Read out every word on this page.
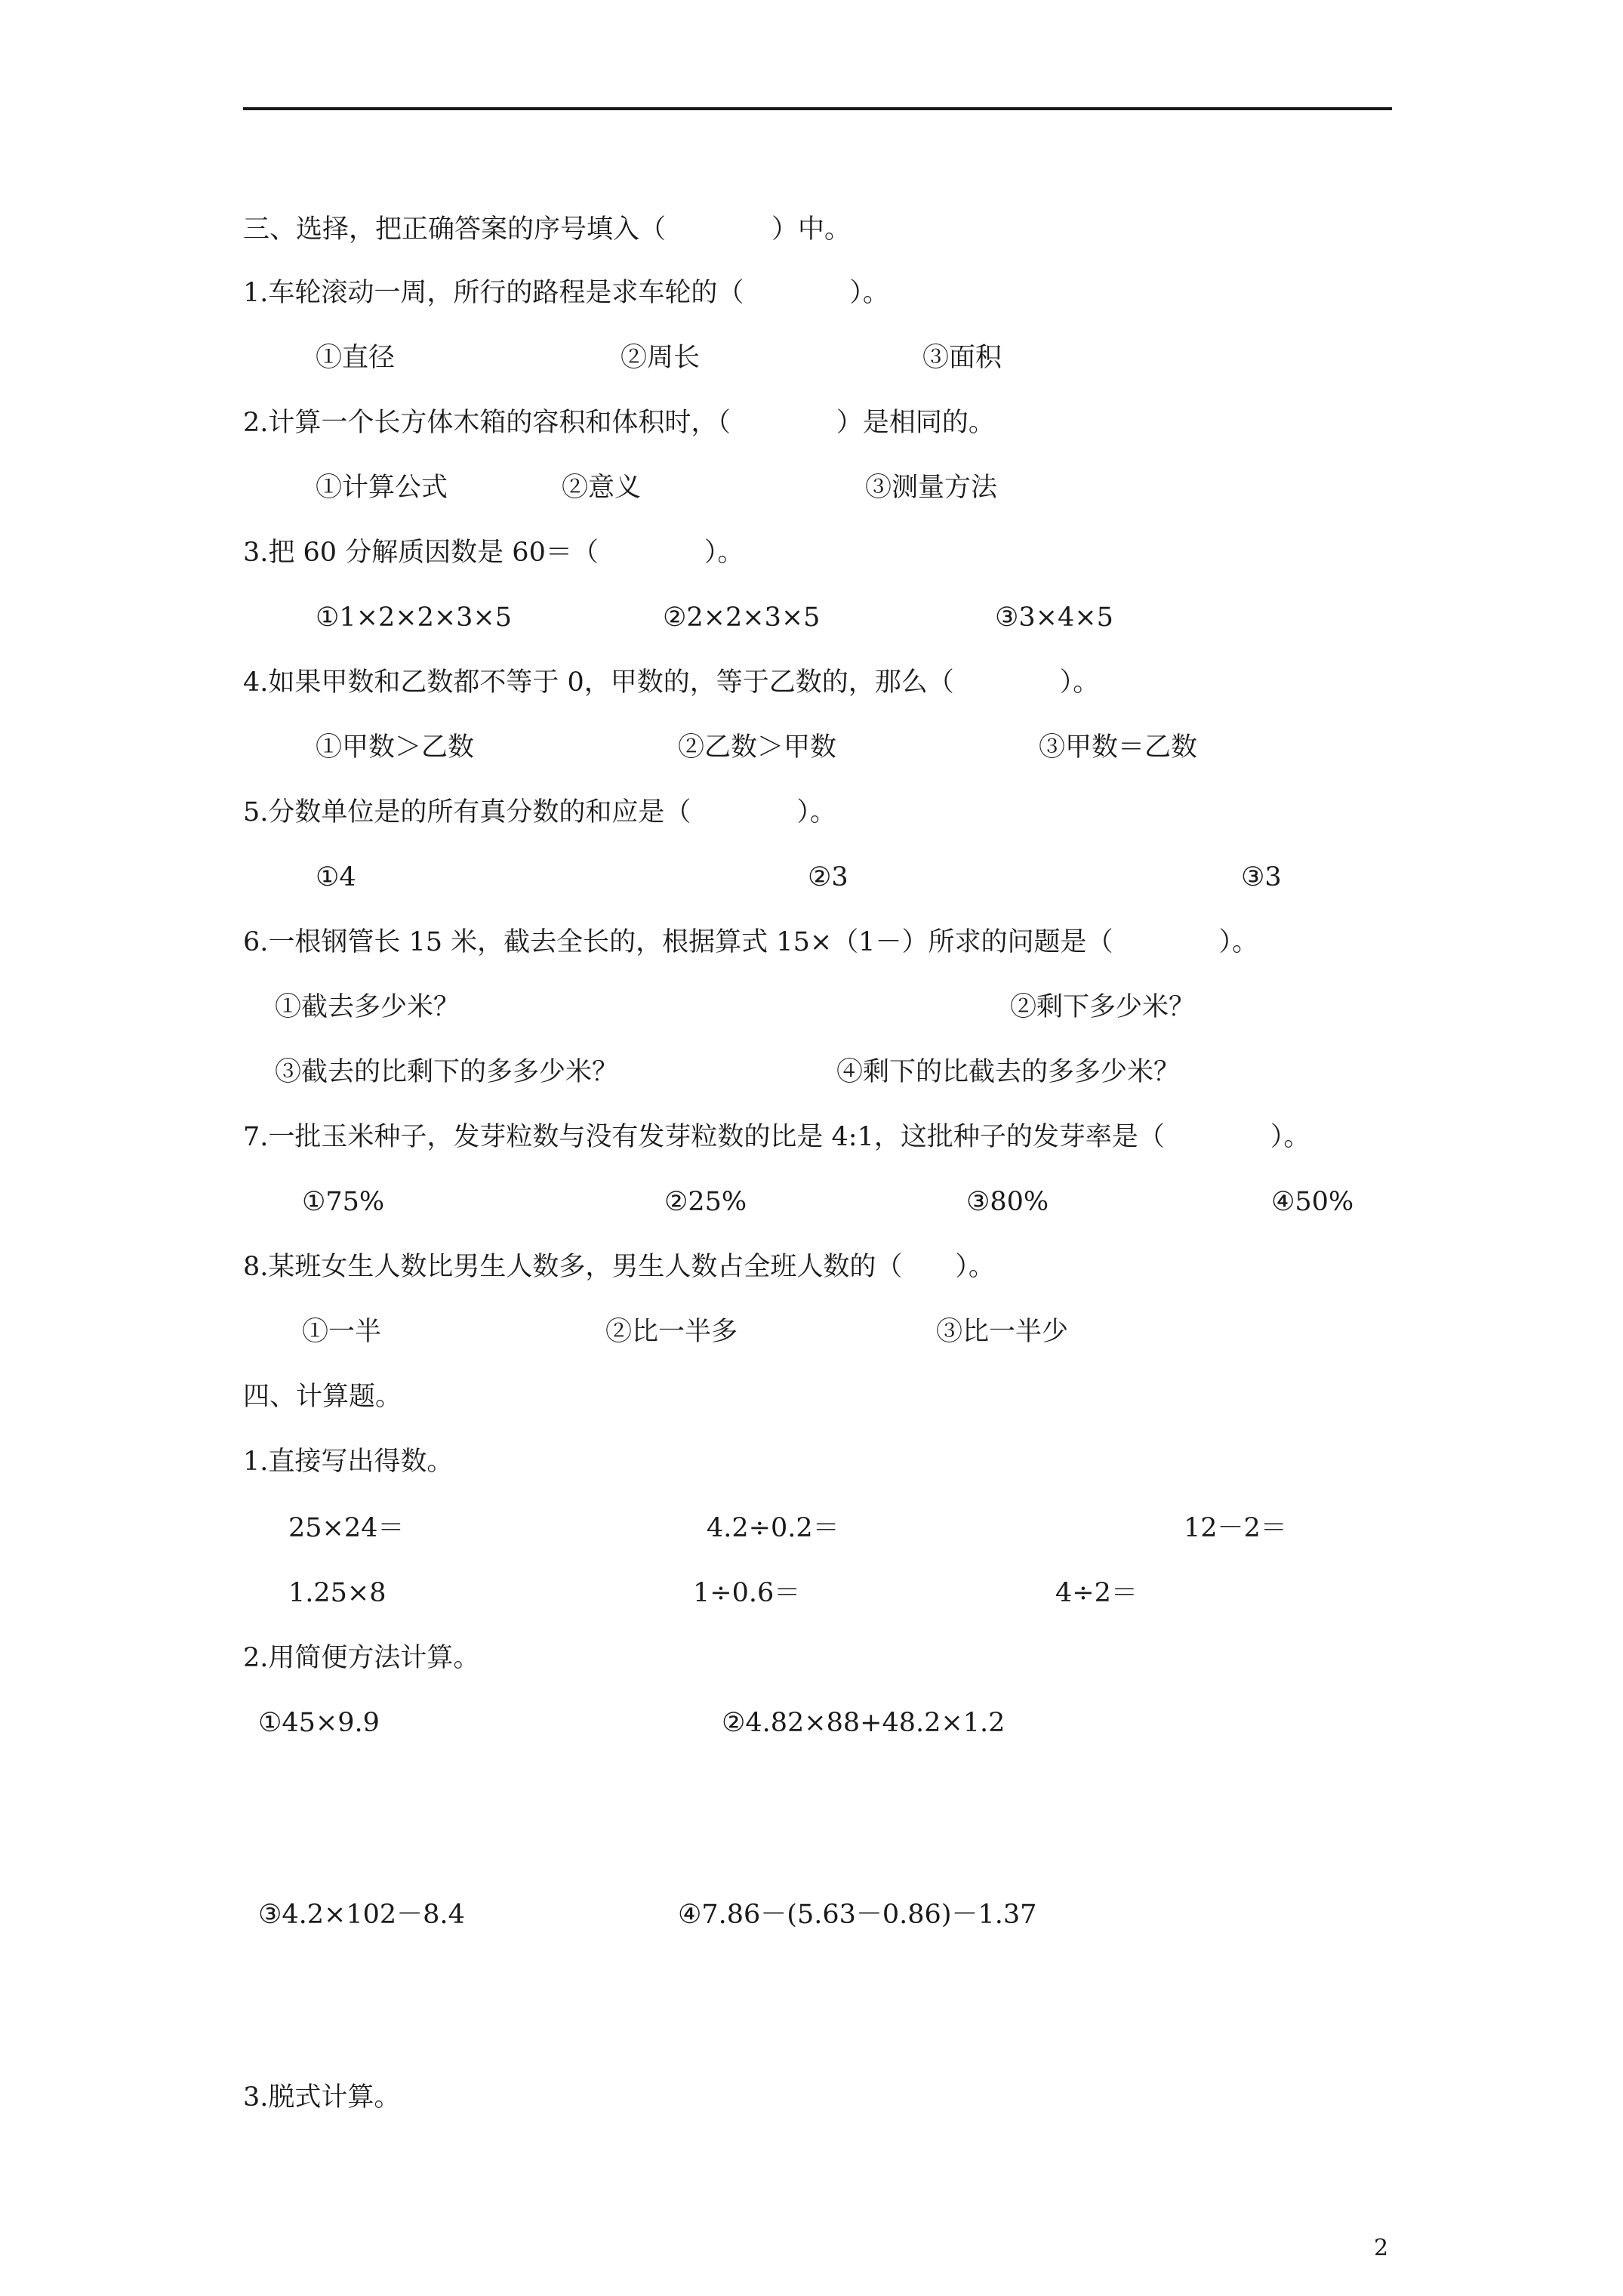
三、选择，把正确答案的序号填入（　　　　）中。
1.车轮滚动一周，所行的路程是求车轮的（　　　　）。
①直径	②周长	③面积
2.计算一个长方体木箱的容积和体积时，（　　　　）是相同的。
①计算公式	②意义	③测量方法
3.把 60 分解质因数是 60＝（　　　　）。
①1×2×2×3×5	②2×2×3×5	③3×4×5
4.如果甲数和乙数都不等于 0，甲数的，等于乙数的，那么（　　　　）。
①甲数＞乙数	②乙数＞甲数	③甲数＝乙数
5.分数单位是的所有真分数的和应是（　　　　）。
①4	②3	③3
6.一根钢管长 15 米，截去全长的，根据算式 15×（1－）所求的问题是（　　　　）。
①截去多少米？	②剩下多少米？
③截去的比剩下的多多少米？	④剩下的比截去的多多少米？
7.一批玉米种子，发芽粒数与没有发芽粒数的比是 4:1，这批种子的发芽率是（　　　　）。
①75%	②25%	③80%	④50%
8.某班女生人数比男生人数多，男生人数占全班人数的（　　）。
①一半	②比一半多	③比一半少
四、计算题。
1.直接写出得数。
25×24＝	4.2÷0.2＝	12－2＝
1.25×8	1÷0.6＝	4÷2＝
2.用简便方法计算。
①45×9.9	②4.82×88+48.2×1.2
③4.2×102－8.4	④7.86－(5.63－0.86)－1.37
3.脱式计算。
2
